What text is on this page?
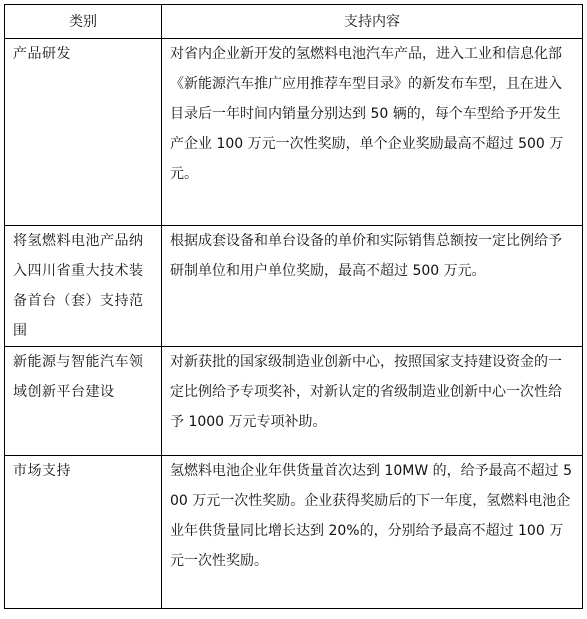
类别	支持内容
产品研发	对省内企业新开发的氢燃料电池汽车产品，进入工业和信息化部《新能源汽车推广应用推荐车型目录》的新发布车型，且在进入目录后一年时间内销量分别达到 50 辆的，每个车型给予开发生产企业 100 万元一次性奖励，单个企业奖励最高不超过 500 万元。
将氢燃料电池产品纳入四川省重大技术装备首台（套）支持范围	根据成套设备和单台设备的单价和实际销售总额按一定比例给予研制单位和用户单位奖励，最高不超过 500 万元。
新能源与智能汽车领域创新平台建设	对新获批的国家级制造业创新中心，按照国家支持建设资金的一定比例给予专项奖补，对新认定的省级制造业创新中心一次性给予 1000 万元专项补助。
市场支持	氢燃料电池企业年供货量首次达到 10MW 的，给予最高不超过 500 万元一次性奖励。企业获得奖励后的下一年度，氢燃料电池企业年供货量同比增长达到 20%的，分别给予最高不超过 100 万元一次性奖励。
